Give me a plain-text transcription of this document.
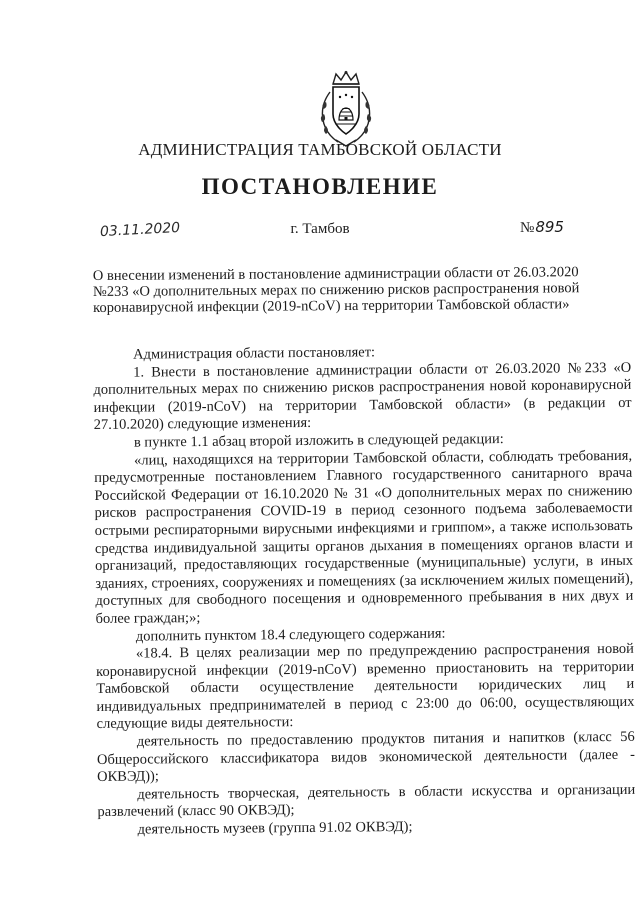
АДМИНИСТРАЦИЯ ТАМБОВСКОЙ ОБЛАСТИ
ПОСТАНОВЛЕНИЕ
03.11.2020	г. Тамбов	№895
О внесении изменений в постановление администрации области от 26.03.2020
№233 «О дополнительных мерах по снижению рисков распространения новой
коронавирусной инфекции (2019-nCoV) на территории Тамбовской области»

Администрация области постановляет:

1. Внести в постановление администрации области от 26.03.2020 №233 «О дополнительных мерах по снижению рисков распространения новой коронавирусной инфекции (2019-nCoV) на территории Тамбовской области» (в редакции от 27.10.2020) следующие изменения:

в пункте 1.1 абзац второй изложить в следующей редакции:

«лиц, находящихся на территории Тамбовской области, соблюдать требования, предусмотренные постановлением Главного государственного санитарного врача Российской Федерации от 16.10.2020 № 31 «О дополнительных мерах по снижению рисков распространения COVID-19 в период сезонного подъема заболеваемости острыми респираторными вирусными инфекциями и гриппом», а также использовать средства индивидуальной защиты органов дыхания в помещениях органов власти и организаций, предоставляющих государственные (муниципальные) услуги, в иных зданиях, строениях, сооружениях и помещениях (за исключением жилых помещений), доступных для свободного посещения и одновременного пребывания в них двух и более граждан;»;

дополнить пунктом 18.4 следующего содержания:

«18.4. В целях реализации мер по предупреждению распространения новой коронавирусной инфекции (2019-nCoV) временно приостановить на территории Тамбовской области осуществление деятельности юридических лиц и индивидуальных предпринимателей в период с 23:00 до 06:00, осуществляющих следующие виды деятельности:

деятельность по предоставлению продуктов питания и напитков (класс 56 Общероссийского классификатора видов экономической деятельности (далее - ОКВЭД));

деятельность творческая, деятельность в области искусства и организации развлечений (класс 90 ОКВЭД);

деятельность музеев (группа 91.02 ОКВЭД);
